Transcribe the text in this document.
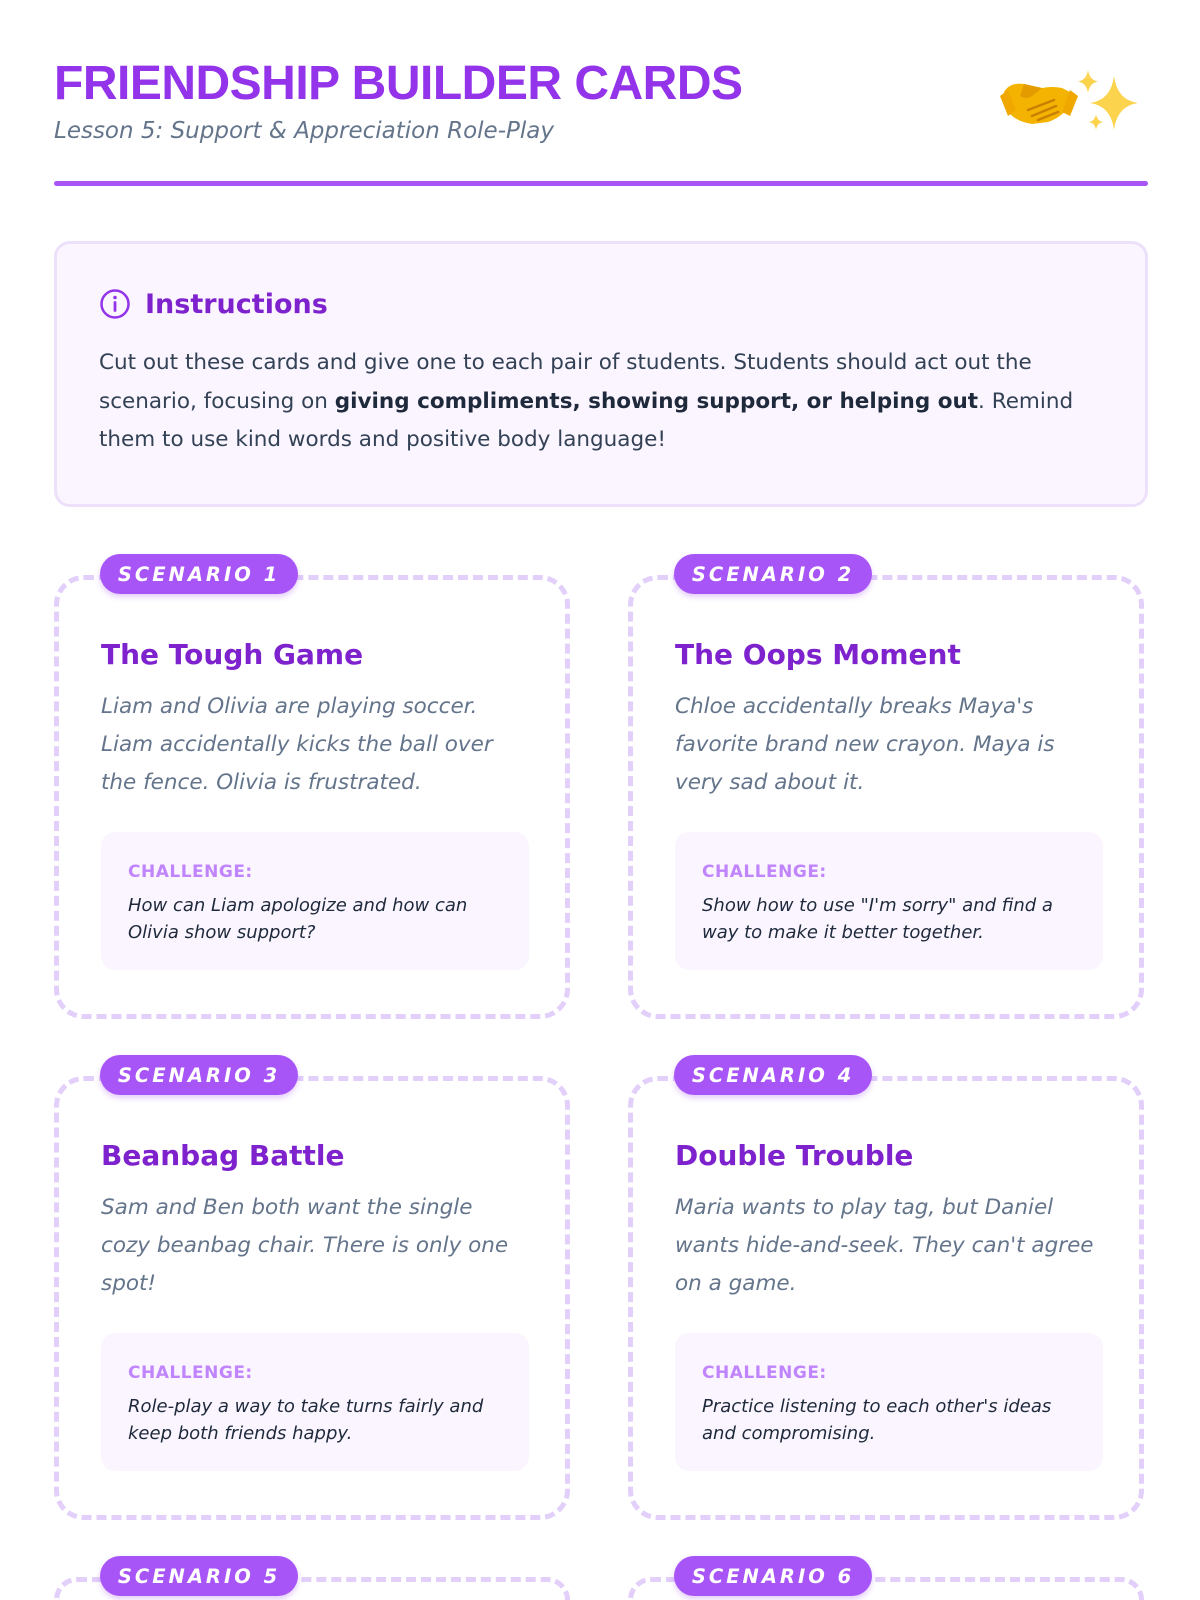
FRIENDSHIP BUILDER CARDS
Lesson 5: Support & Appreciation Role-Play
Instructions

Cut out these cards and give one to each pair of students. Students should act out the scenario, focusing on giving compliments, showing support, or helping out. Remind them to use kind words and positive body language!

The Tough Game
Liam and Olivia are playing soccer. Liam accidentally kicks the ball over the fence. Olivia is frustrated.
CHALLENGE:
How can Liam apologize and how can Olivia show support?
SCENARIO 1
The Oops Moment
Chloe accidentally breaks Maya's favorite brand new crayon. Maya is very sad about it.
CHALLENGE:
Show how to use "I'm sorry" and find a way to make it better together.
SCENARIO 2
Beanbag Battle
Sam and Ben both want the single cozy beanbag chair. There is only one spot!
CHALLENGE:
Role-play a way to take turns fairly and keep both friends happy.
SCENARIO 3
Double Trouble
Maria wants to play tag, but Daniel wants hide-and-seek. They can't agree on a game.
CHALLENGE:
Practice listening to each other's ideas and compromising.
SCENARIO 4
SCENARIO 5	SCENARIO 6
